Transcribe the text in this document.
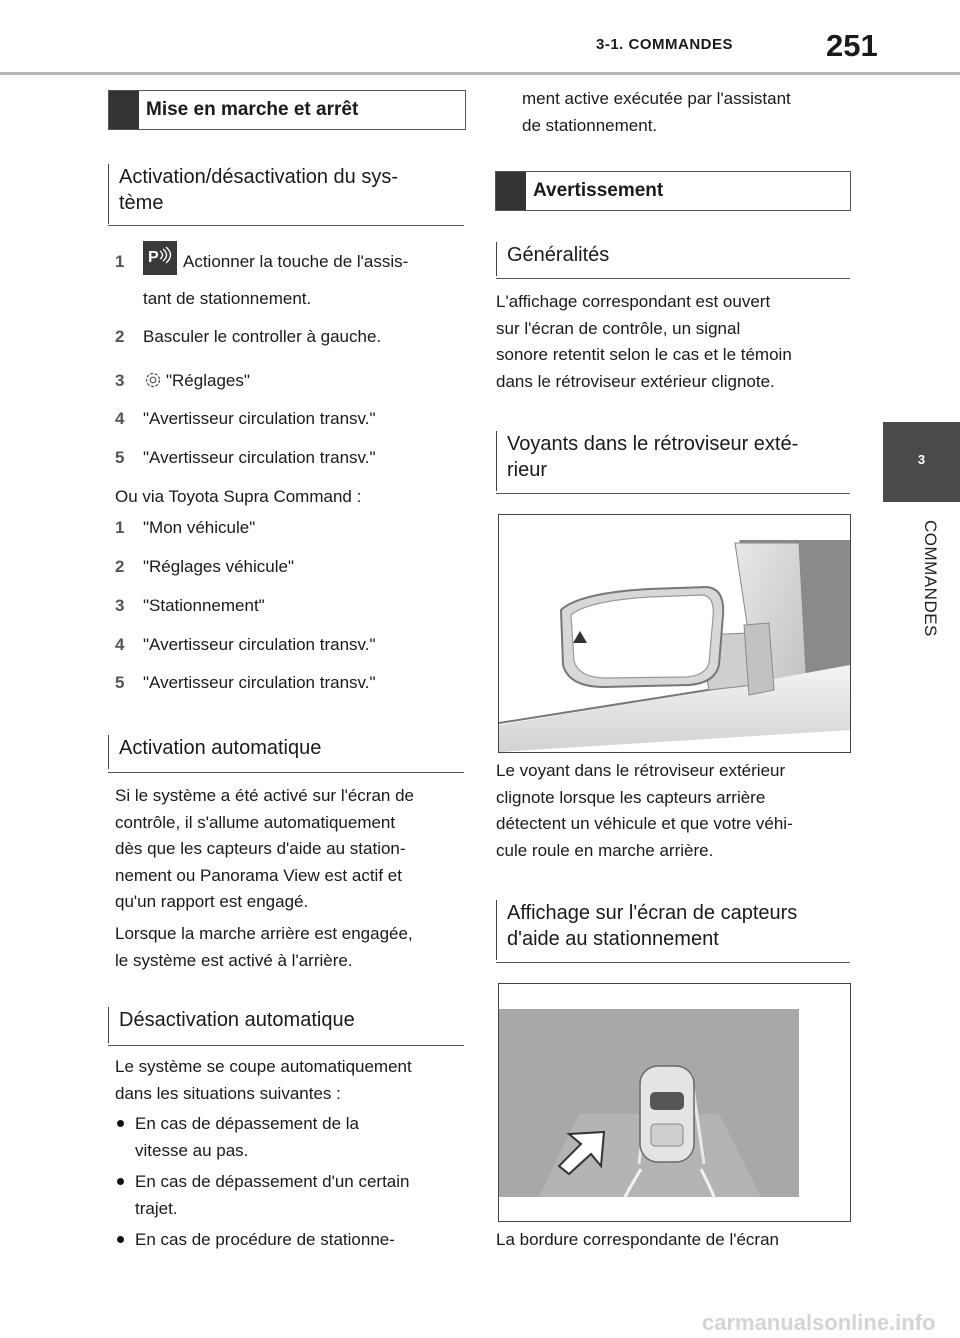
3-1. COMMANDES	251
3
COMMANDES
Mise en marche et arrêt
Activation/désactivation du sys-
tème
1 P Actionner la touche de l'assis-
tant de stationnement.
2 Basculer le controller à gauche.
3 "Réglages"
4 "Avertisseur circulation transv."
5 "Avertisseur circulation transv."
Ou via Toyota Supra Command :
1 "Mon véhicule"
2 "Réglages véhicule"
3 "Stationnement"
4 "Avertisseur circulation transv."
5 "Avertisseur circulation transv."
Activation automatique
Si le système a été activé sur l'écran de
contrôle, il s'allume automatiquement
dès que les capteurs d'aide au station-
nement ou Panorama View est actif et
qu'un rapport est engagé.
Lorsque la marche arrière est engagée,
le système est activé à l'arrière.
Désactivation automatique
Le système se coupe automatiquement
dans les situations suivantes :
En cas de dépassement de la
vitesse au pas.
En cas de dépassement d'un certain
trajet.
En cas de procédure de stationne-
ment active exécutée par l'assistant
de stationnement.
Avertissement
Généralités
L'affichage correspondant est ouvert
sur l'écran de contrôle, un signal
sonore retentit selon le cas et le témoin
dans le rétroviseur extérieur clignote.
Voyants dans le rétroviseur exté-
rieur
Le voyant dans le rétroviseur extérieur
clignote lorsque les capteurs arrière
détectent un véhicule et que votre véhi-
cule roule en marche arrière.
Affichage sur l'écran de capteurs
d'aide au stationnement
La bordure correspondante de l'écran
carmanualsonline.info
